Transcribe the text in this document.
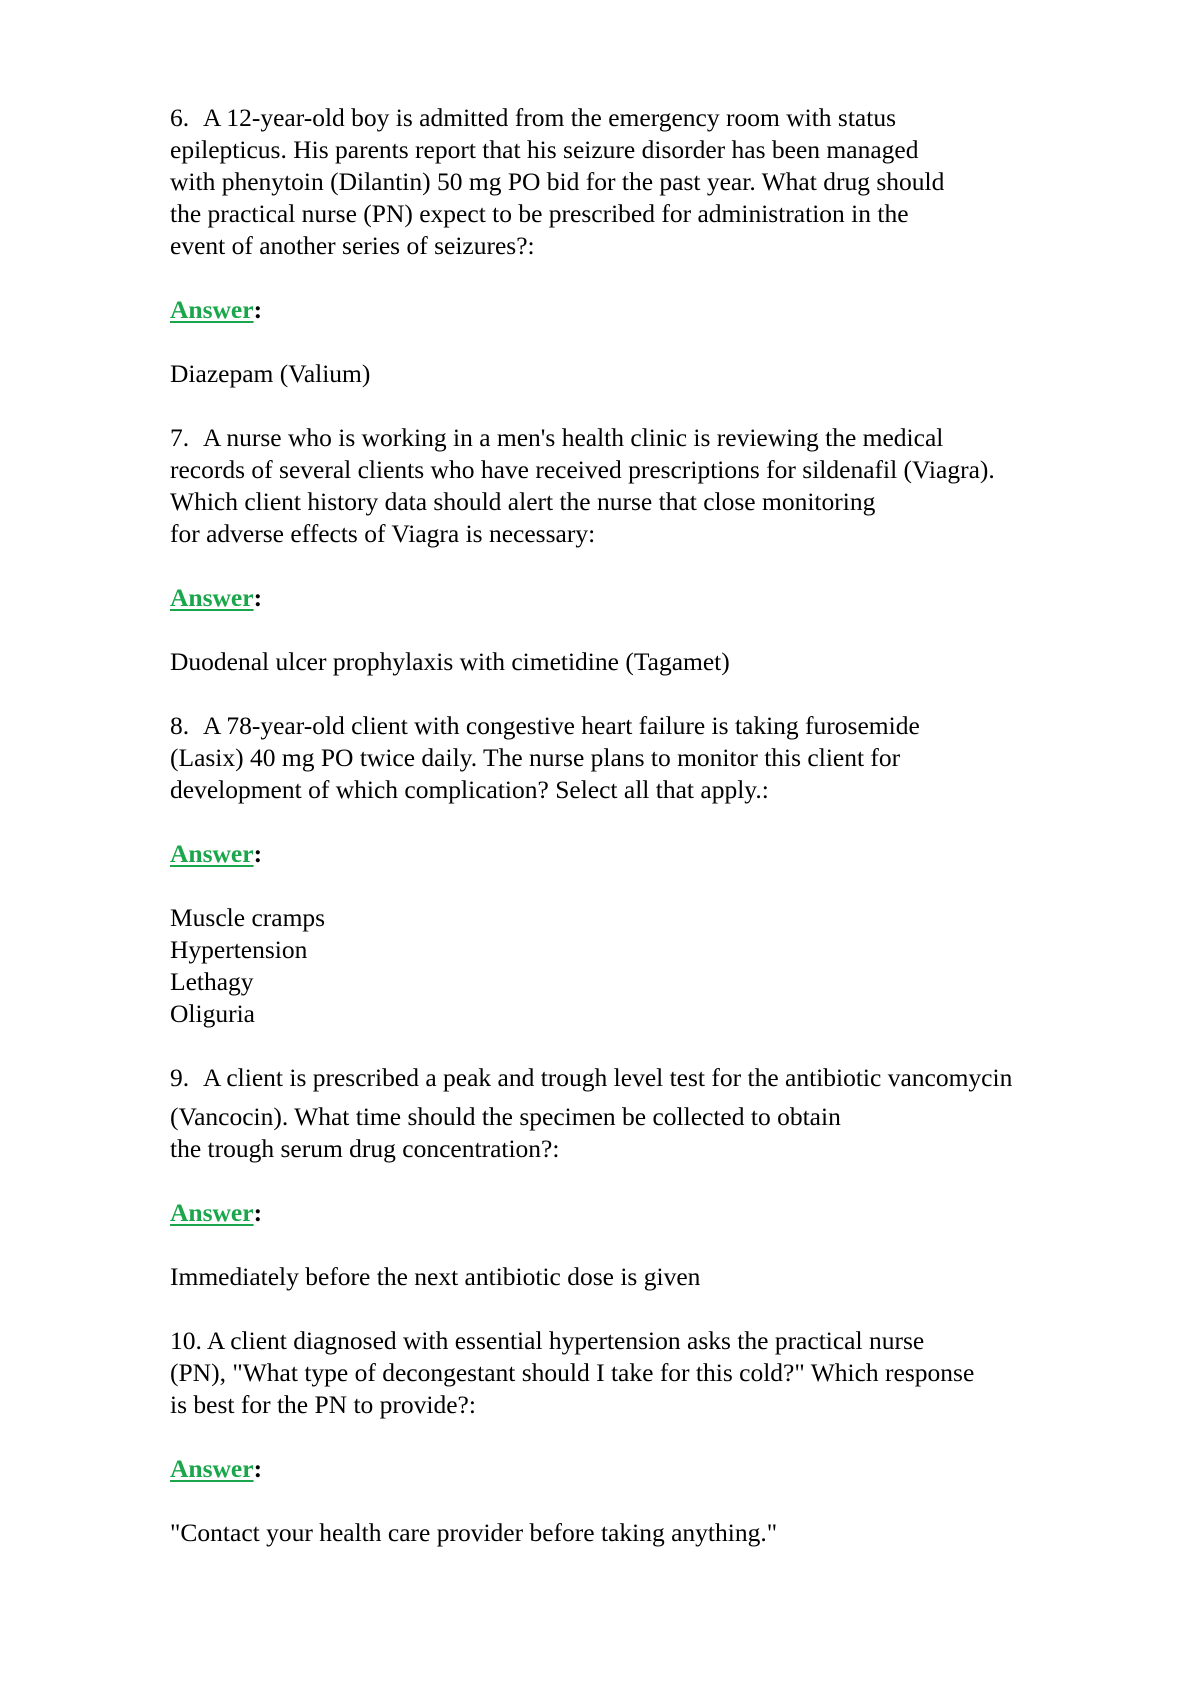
6. A 12-year-old boy is admitted from the emergency room with status
epilepticus. His parents report that his seizure disorder has been managed
with phenytoin (Dilantin) 50 mg PO bid for the past year. What drug should
the practical nurse (PN) expect to be prescribed for administration in the
event of another series of seizures?:

Answer:

Diazepam (Valium)

7. A nurse who is working in a men's health clinic is reviewing the medical
records of several clients who have received prescriptions for sildenafil (Viagra).
Which client history data should alert the nurse that close monitoring
for adverse effects of Viagra is necessary:

Answer:

Duodenal ulcer prophylaxis with cimetidine (Tagamet)

8. A 78-year-old client with congestive heart failure is taking furosemide
(Lasix) 40 mg PO twice daily. The nurse plans to monitor this client for
development of which complication? Select all that apply.:

Answer:

Muscle cramps
Hypertension
Lethagy
Oliguria

9. A client is prescribed a peak and trough level test for the antibiotic vancomycin
(Vancocin). What time should the specimen be collected to obtain
the trough serum drug concentration?:

Answer:

Immediately before the next antibiotic dose is given

10. A client diagnosed with essential hypertension asks the practical nurse
(PN), "What type of decongestant should I take for this cold?" Which response
is best for the PN to provide?:

Answer:

"Contact your health care provider before taking anything."
